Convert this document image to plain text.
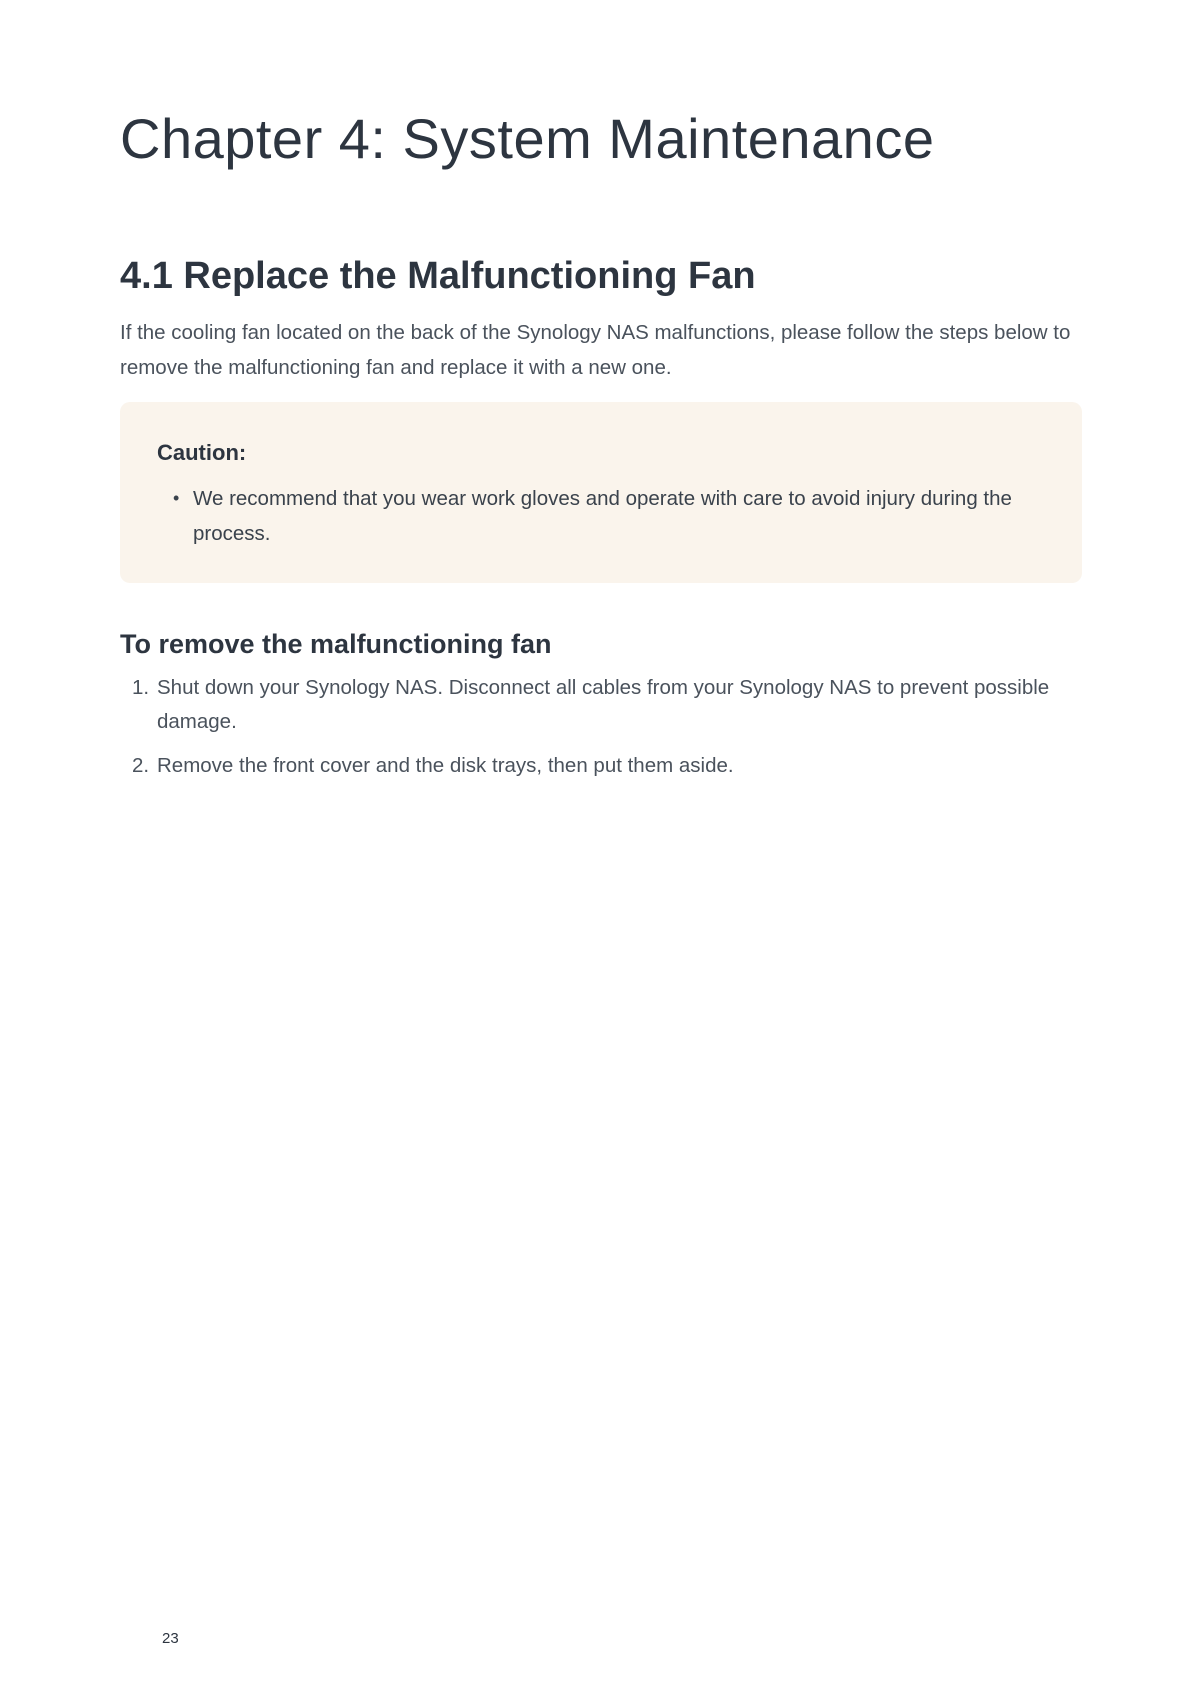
Chapter 4: System Maintenance
4.1 Replace the Malfunctioning Fan

If the cooling fan located on the back of the Synology NAS malfunctions, please follow the steps below to remove the malfunctioning fan and replace it with a new one.

Caution:

• We recommend that you wear work gloves and operate with care to avoid injury during the process.
To remove the malfunctioning fan
1. Shut down your Synology NAS. Disconnect all cables from your Synology NAS to prevent possible damage.
2. Remove the front cover and the disk trays, then put them aside.
23
